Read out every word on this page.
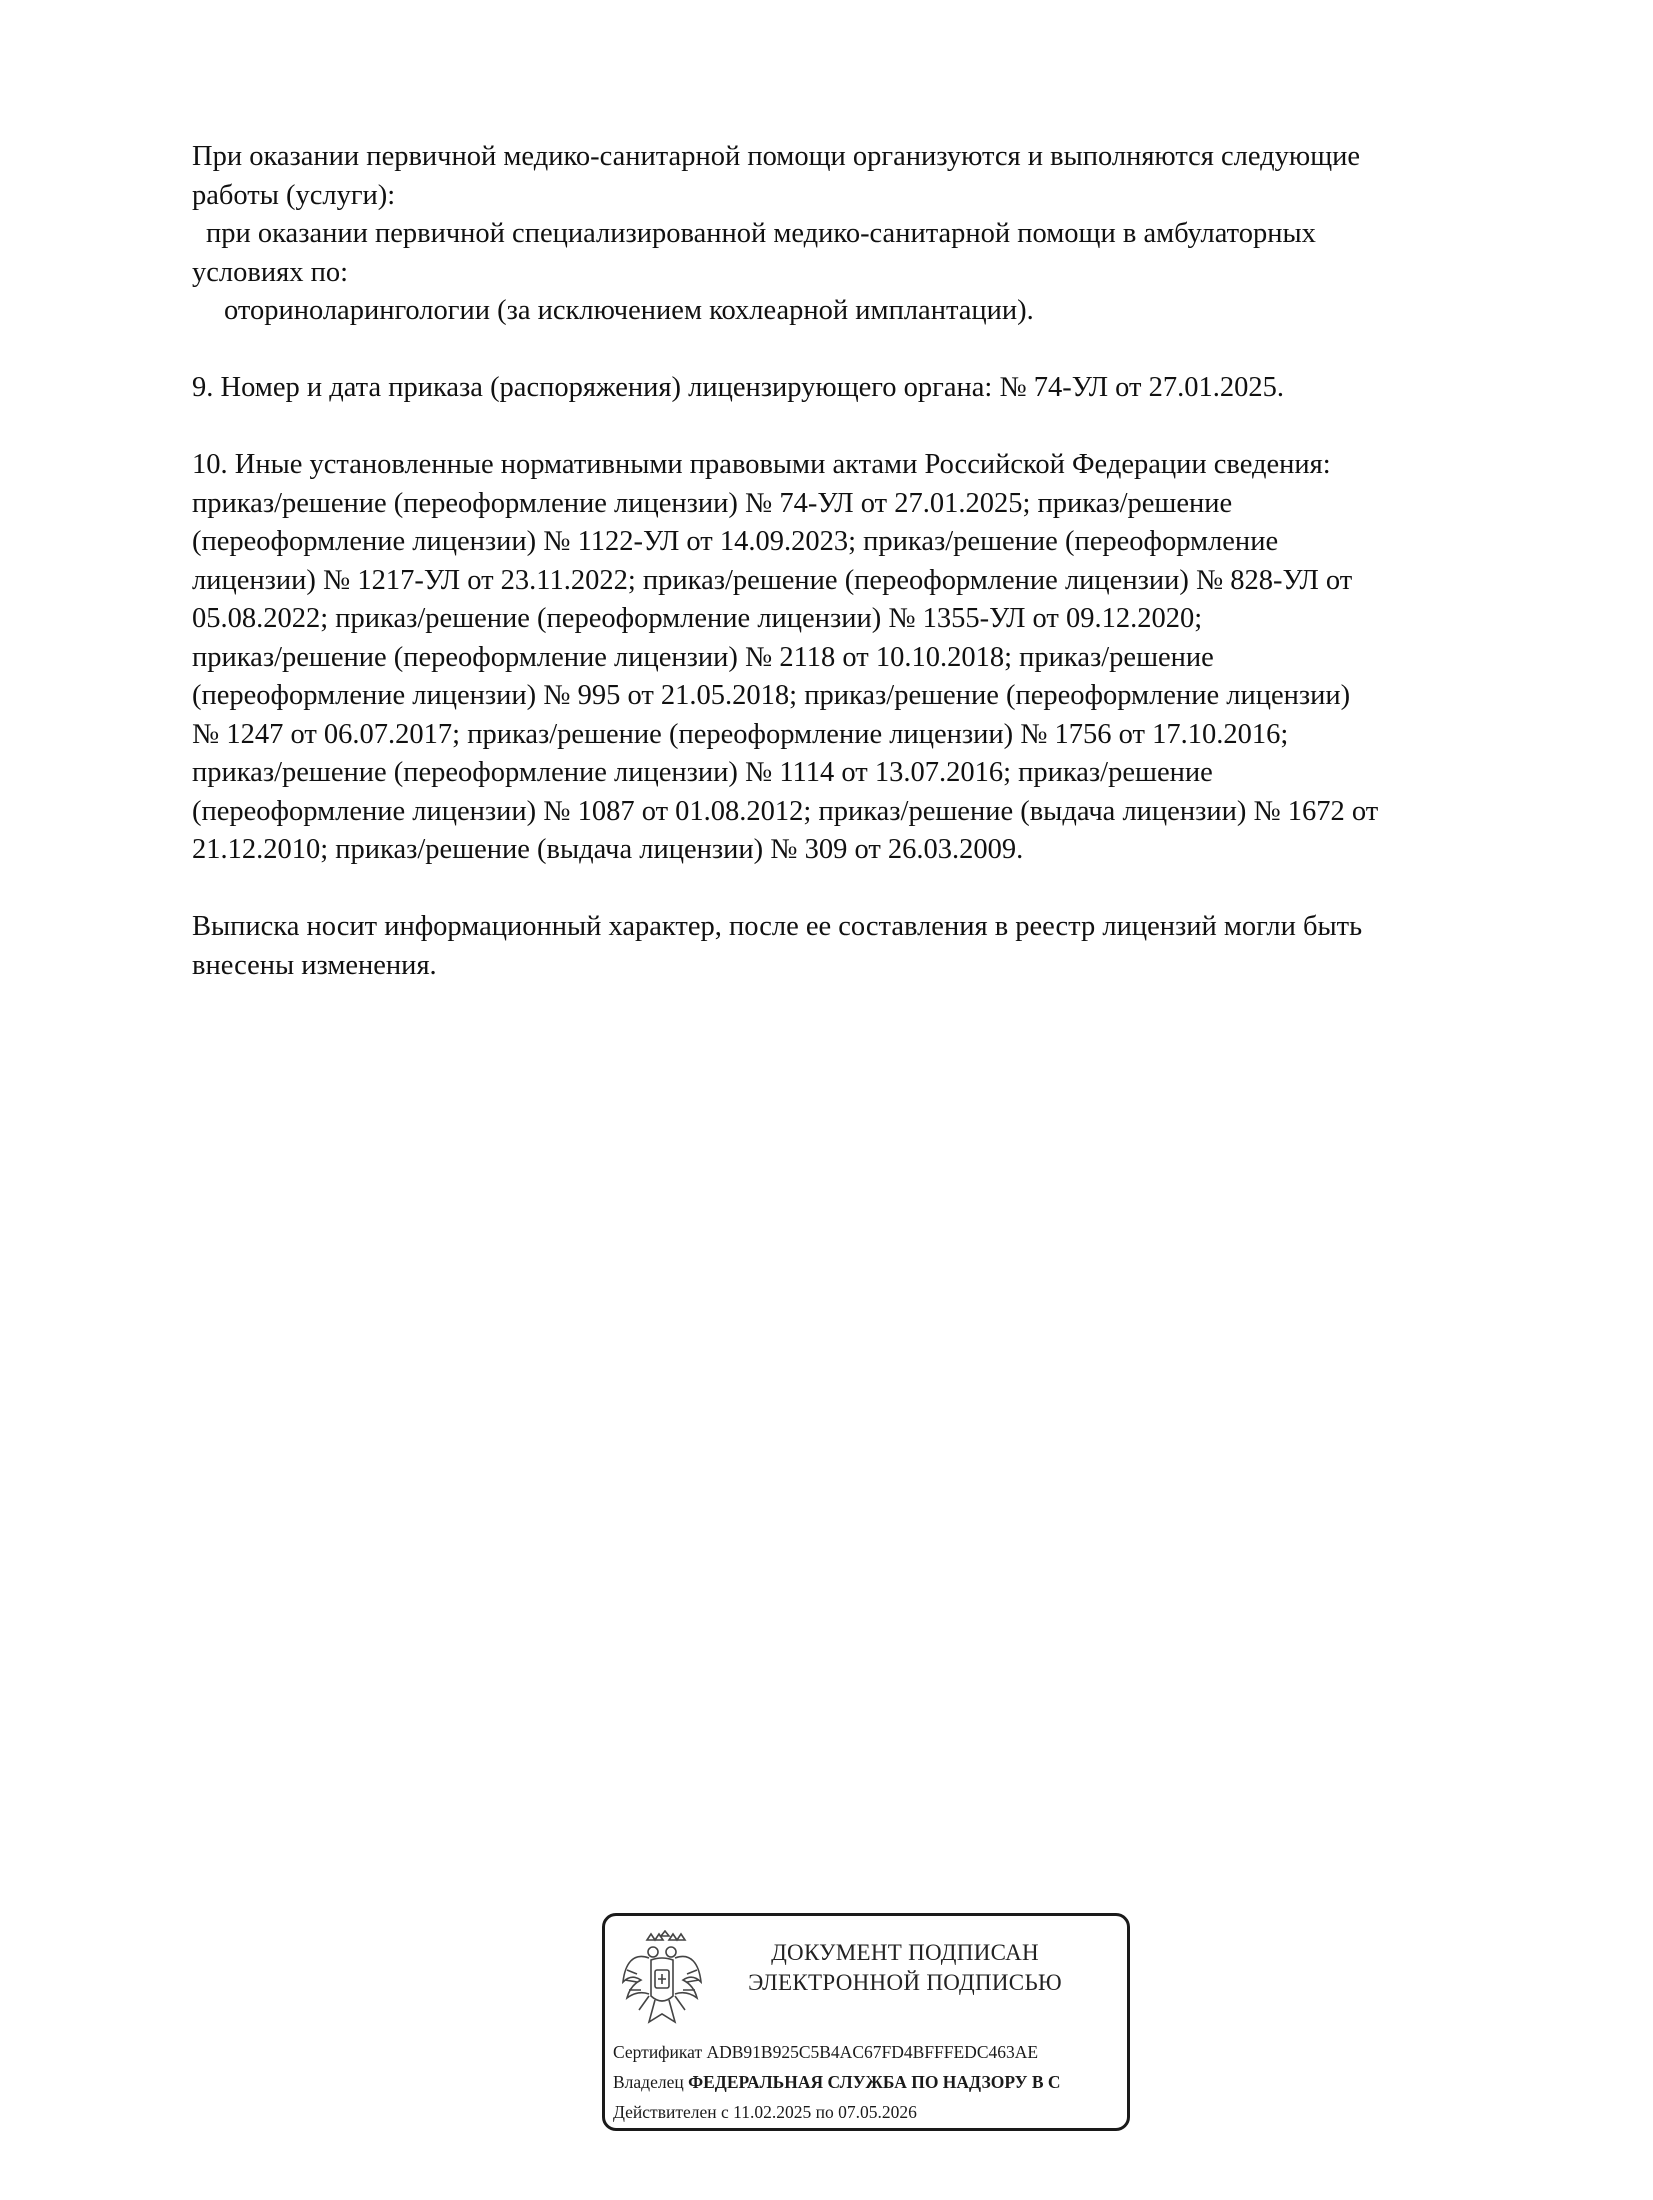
При оказании первичной медико-санитарной помощи организуются и выполняются следующие
работы (услуги):
при оказании первичной специализированной медико-санитарной помощи в амбулаторных
условиях по:
оториноларингологии (за исключением кохлеарной имплантации).

9. Номер и дата приказа (распоряжения) лицензирующего органа: № 74-УЛ от 27.01.2025.

10. Иные установленные нормативными правовыми актами Российской Федерации сведения:
приказ/решение (переоформление лицензии) № 74-УЛ от 27.01.2025; приказ/решение
(переоформление лицензии) № 1122-УЛ от 14.09.2023; приказ/решение (переоформление
лицензии) № 1217-УЛ от 23.11.2022; приказ/решение (переоформление лицензии) № 828-УЛ от
05.08.2022; приказ/решение (переоформление лицензии) № 1355-УЛ от 09.12.2020;
приказ/решение (переоформление лицензии) № 2118 от 10.10.2018; приказ/решение
(переоформление лицензии) № 995 от 21.05.2018; приказ/решение (переоформление лицензии)
№ 1247 от 06.07.2017; приказ/решение (переоформление лицензии) № 1756 от 17.10.2016;
приказ/решение (переоформление лицензии) № 1114 от 13.07.2016; приказ/решение
(переоформление лицензии) № 1087 от 01.08.2012; приказ/решение (выдача лицензии) № 1672 от
21.12.2010; приказ/решение (выдача лицензии) № 309 от 26.03.2009.

Выписка носит информационный характер, после ее составления в реестр лицензий могли быть
внесены изменения.

ДОКУМЕНТ ПОДПИСАН
ЭЛЕКТРОННОЙ ПОДПИСЬЮ
Сертификат ADB91B925C5B4AC67FD4BFFFEDC463AE
Владелец ФЕДЕРАЛЬНАЯ СЛУЖБА ПО НАДЗОРУ В С
Действителен с 11.02.2025 по 07.05.2026
